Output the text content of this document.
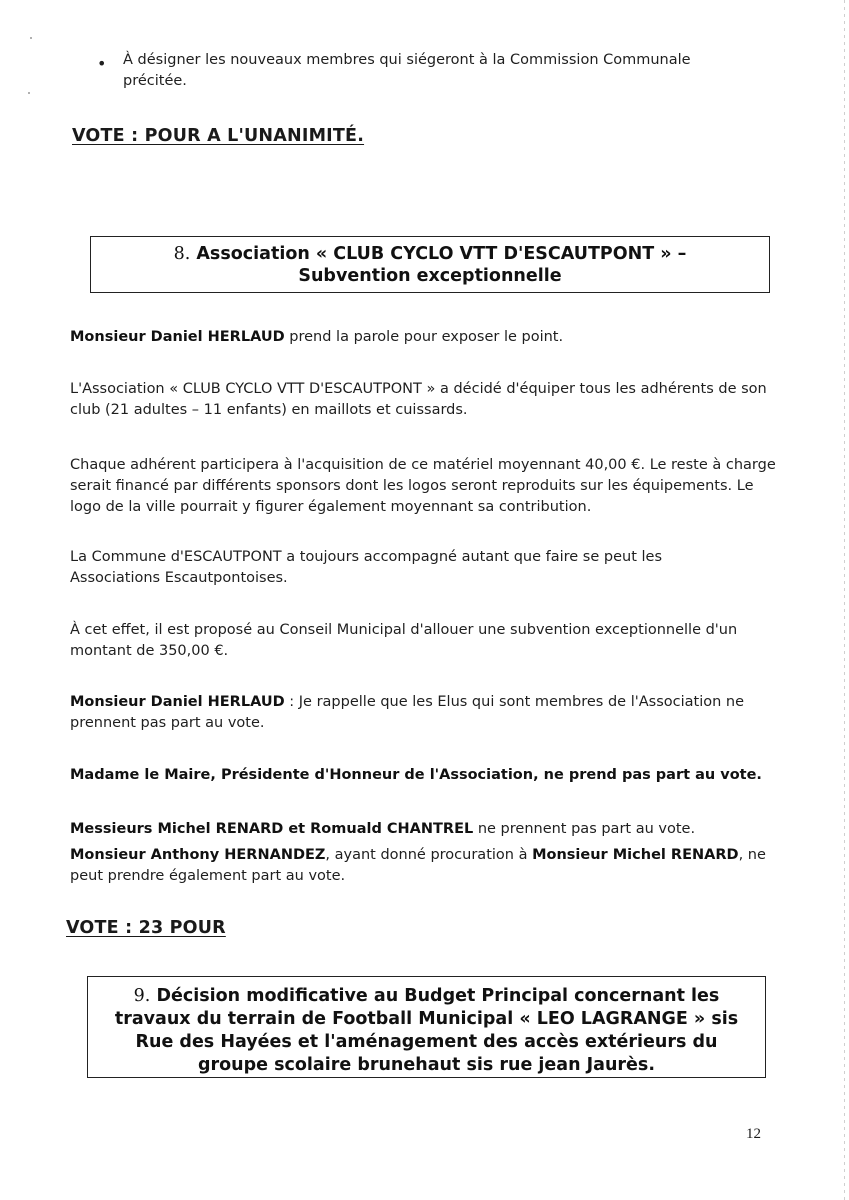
• À désigner les nouveaux membres qui siégeront à la Commission Communale précitée.
VOTE : POUR A L'UNANIMITÉ.
8. Association « CLUB CYCLO VTT D'ESCAUTPONT » – Subvention exceptionnelle
Monsieur Daniel HERLAUD prend la parole pour exposer le point.
L'Association « CLUB CYCLO VTT D'ESCAUTPONT » a décidé d'équiper tous les adhérents de son club (21 adultes – 11 enfants) en maillots et cuissards.
Chaque adhérent participera à l'acquisition de ce matériel moyennant 40,00 €. Le reste à charge serait financé par différents sponsors dont les logos seront reproduits sur les équipements. Le logo de la ville pourrait y figurer également moyennant sa contribution.
La Commune d'ESCAUTPONT a toujours accompagné autant que faire se peut les Associations Escautpontoises.
À cet effet, il est proposé au Conseil Municipal d'allouer une subvention exceptionnelle d'un montant de 350,00 €.
Monsieur Daniel HERLAUD : Je rappelle que les Elus qui sont membres de l'Association ne prennent pas part au vote.
Madame le Maire, Présidente d'Honneur de l'Association, ne prend pas part au vote.
Messieurs Michel RENARD et Romuald CHANTREL ne prennent pas part au vote.
Monsieur Anthony HERNANDEZ, ayant donné procuration à Monsieur Michel RENARD, ne peut prendre également part au vote.
VOTE : 23 POUR
9. Décision modificative au Budget Principal concernant les travaux du terrain de Football Municipal « LEO LAGRANGE » sis Rue des Hayées et l'aménagement des accès extérieurs du groupe scolaire brunehaut sis rue jean Jaurès.
12
